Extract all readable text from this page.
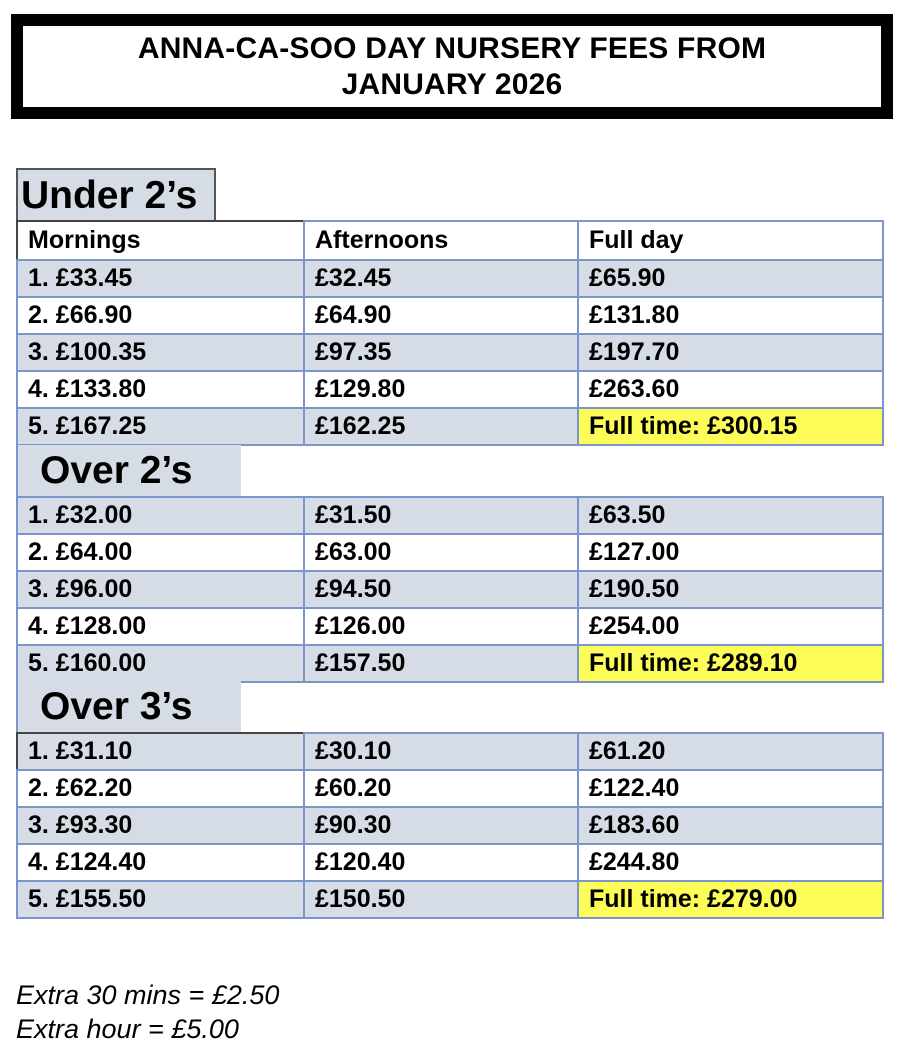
ANNA-CA-SOO DAY NURSERY FEES FROM
JANUARY 2026
Under 2’s
Mornings	Afternoons	Full day
1. £33.45	£32.45	£65.90
2. £66.90	£64.90	£131.80
3. £100.35	£97.35	£197.70
4. £133.80	£129.80	£263.60
5. £167.25	£162.25	Full time: £300.15
Over 2’s
1. £32.00	£31.50	£63.50
2. £64.00	£63.00	£127.00
3. £96.00	£94.50	£190.50
4. £128.00	£126.00	£254.00
5. £160.00	£157.50	Full time: £289.10
Over 3’s
1. £31.10	£30.10	£61.20
2. £62.20	£60.20	£122.40
3. £93.30	£90.30	£183.60
4. £124.40	£120.40	£244.80
5. £155.50	£150.50	Full time: £279.00
Extra 30 mins = £2.50
Extra hour = £5.00
